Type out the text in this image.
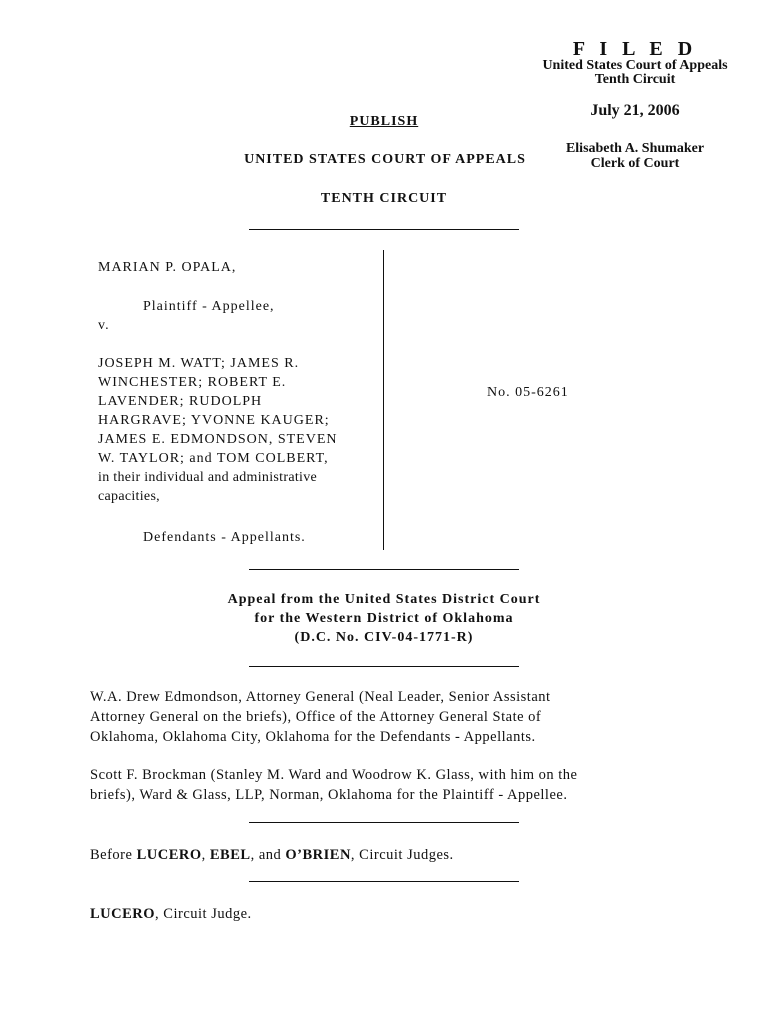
F I L E D
United States Court of Appeals
Tenth Circuit
July 21, 2006
Elisabeth A. Shumaker
Clerk of Court
PUBLISH
UNITED STATES COURT OF APPEALS
TENTH CIRCUIT
MARIAN P. OPALA,
Plaintiff - Appellee,
v.
JOSEPH M. WATT; JAMES R.
WINCHESTER; ROBERT E.
LAVENDER; RUDOLPH
HARGRAVE; YVONNE KAUGER;
JAMES E. EDMONDSON, STEVEN
W. TAYLOR; and TOM COLBERT,
in their individual and administrative
capacities,
Defendants - Appellants.
No. 05-6261
Appeal from the United States District Court
for the Western District of Oklahoma
(D.C. No. CIV-04-1771-R)
W.A. Drew Edmondson, Attorney General (Neal Leader, Senior Assistant
Attorney General on the briefs), Office of the Attorney General State of
Oklahoma, Oklahoma City, Oklahoma for the Defendants - Appellants.
Scott F. Brockman (Stanley M. Ward and Woodrow K. Glass, with him on the
briefs), Ward & Glass, LLP, Norman, Oklahoma for the Plaintiff - Appellee.
Before LUCERO, EBEL, and O’BRIEN, Circuit Judges.
LUCERO, Circuit Judge.
